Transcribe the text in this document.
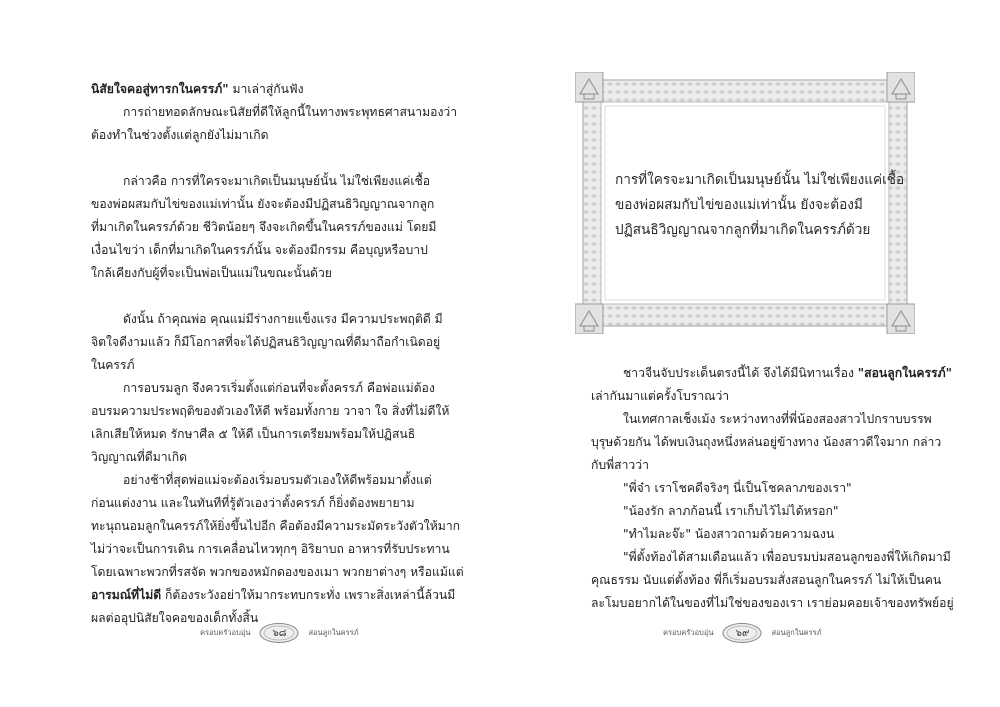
นิสัยใจคอสู่ทารกในครรภ์" มาเล่าสู่กันฟัง
การถ่ายทอดลักษณะนิสัยที่ดีให้ลูกนี้ในทางพระพุทธศาสนามองว่า
ต้องทำในช่วงตั้งแต่ลูกยังไม่มาเกิด
กล่าวคือ การที่ใครจะมาเกิดเป็นมนุษย์นั้น ไม่ใช่เพียงแค่เชื้อ
ของพ่อผสมกับไข่ของแม่เท่านั้น ยังจะต้องมีปฏิสนธิวิญญาณจากลูก
ที่มาเกิดในครรภ์ด้วย ชีวิตน้อยๆ จึงจะเกิดขึ้นในครรภ์ของแม่ โดยมี
เงื่อนไขว่า เด็กที่มาเกิดในครรภ์นั้น จะต้องมีกรรม คือบุญหรือบาป
ใกล้เคียงกับผู้ที่จะเป็นพ่อเป็นแม่ในขณะนั้นด้วย
ดังนั้น ถ้าคุณพ่อ คุณแม่มีร่างกายแข็งแรง มีความประพฤติดี มี
จิตใจดีงามแล้ว ก็มีโอกาสที่จะได้ปฏิสนธิวิญญาณที่ดีมาถือกำเนิดอยู่
ในครรภ์
การอบรมลูก จึงควรเริ่มตั้งแต่ก่อนที่จะตั้งครรภ์ คือพ่อแม่ต้อง
อบรมความประพฤติของตัวเองให้ดี พร้อมทั้งกาย วาจา ใจ สิ่งที่ไม่ดีให้
เลิกเสียให้หมด รักษาศีล ๕ ให้ดี เป็นการเตรียมพร้อมให้ปฏิสนธิ
วิญญาณที่ดีมาเกิด
อย่างช้าที่สุดพ่อแม่จะต้องเริ่มอบรมตัวเองให้ดีพร้อมมาตั้งแต่
ก่อนแต่งงาน และในทันทีที่รู้ตัวเองว่าตั้งครรภ์ ก็ยิ่งต้องพยายาม
ทะนุถนอมลูกในครรภ์ให้ยิ่งขึ้นไปอีก คือต้องมีความระมัดระวังตัวให้มาก
ไม่ว่าจะเป็นการเดิน การเคลื่อนไหวทุกๆ อิริยาบถ อาหารที่รับประทาน
โดยเฉพาะพวกที่รสจัด พวกของหมักดองของเมา พวกยาต่างๆ หรือแม้แต่
อารมณ์ที่ไม่ดี ก็ต้องระวังอย่าให้มากระทบกระทั่ง เพราะสิ่งเหล่านี้ล้วนมี
ผลต่ออุปนิสัยใจคอของเด็กทั้งสิ้น
ครอบครัวอบอุ่น ๖๘	สอนลูกในครรภ์
การที่ใครจะมาเกิดเป็นมนุษย์นั้น ไม่ใช่เพียงแค่เชื้อ
ของพ่อผสมกับไข่ของแม่เท่านั้น ยังจะต้องมี
ปฏิสนธิวิญญาณจากลูกที่มาเกิดในครรภ์ด้วย
ชาวจีนจับประเด็นตรงนี้ได้ จึงได้มีนิทานเรื่อง "สอนลูกในครรภ์"
เล่ากันมาแต่ครั้งโบราณว่า
ในเทศกาลเช็งเม้ง ระหว่างทางที่พี่น้องสองสาวไปกราบบรรพ
บุรุษด้วยกัน ได้พบเงินถุงหนึ่งหล่นอยู่ข้างทาง น้องสาวดีใจมาก กล่าว
กับพี่สาวว่า
"พี่จ๋า เราโชคดีจริงๆ นี่เป็นโชคลาภของเรา"
"น้องรัก ลาภก้อนนี้ เราเก็บไว้ไม่ได้หรอก"
"ทำไมละจ๊ะ" น้องสาวถามด้วยความฉงน
"พี่ตั้งท้องได้สามเดือนแล้ว เพื่ออบรมบ่มสอนลูกของพี่ให้เกิดมามี
คุณธรรม นับแต่ตั้งท้อง พี่ก็เริ่มอบรมสั่งสอนลูกในครรภ์ ไม่ให้เป็นคน
ละโมบอยากได้ในของที่ไม่ใช่ของของเรา เราย่อมคอยเจ้าของทรัพย์อยู่
ครอบครัวอบอุ่น ๖๙	สอนลูกในครรภ์
